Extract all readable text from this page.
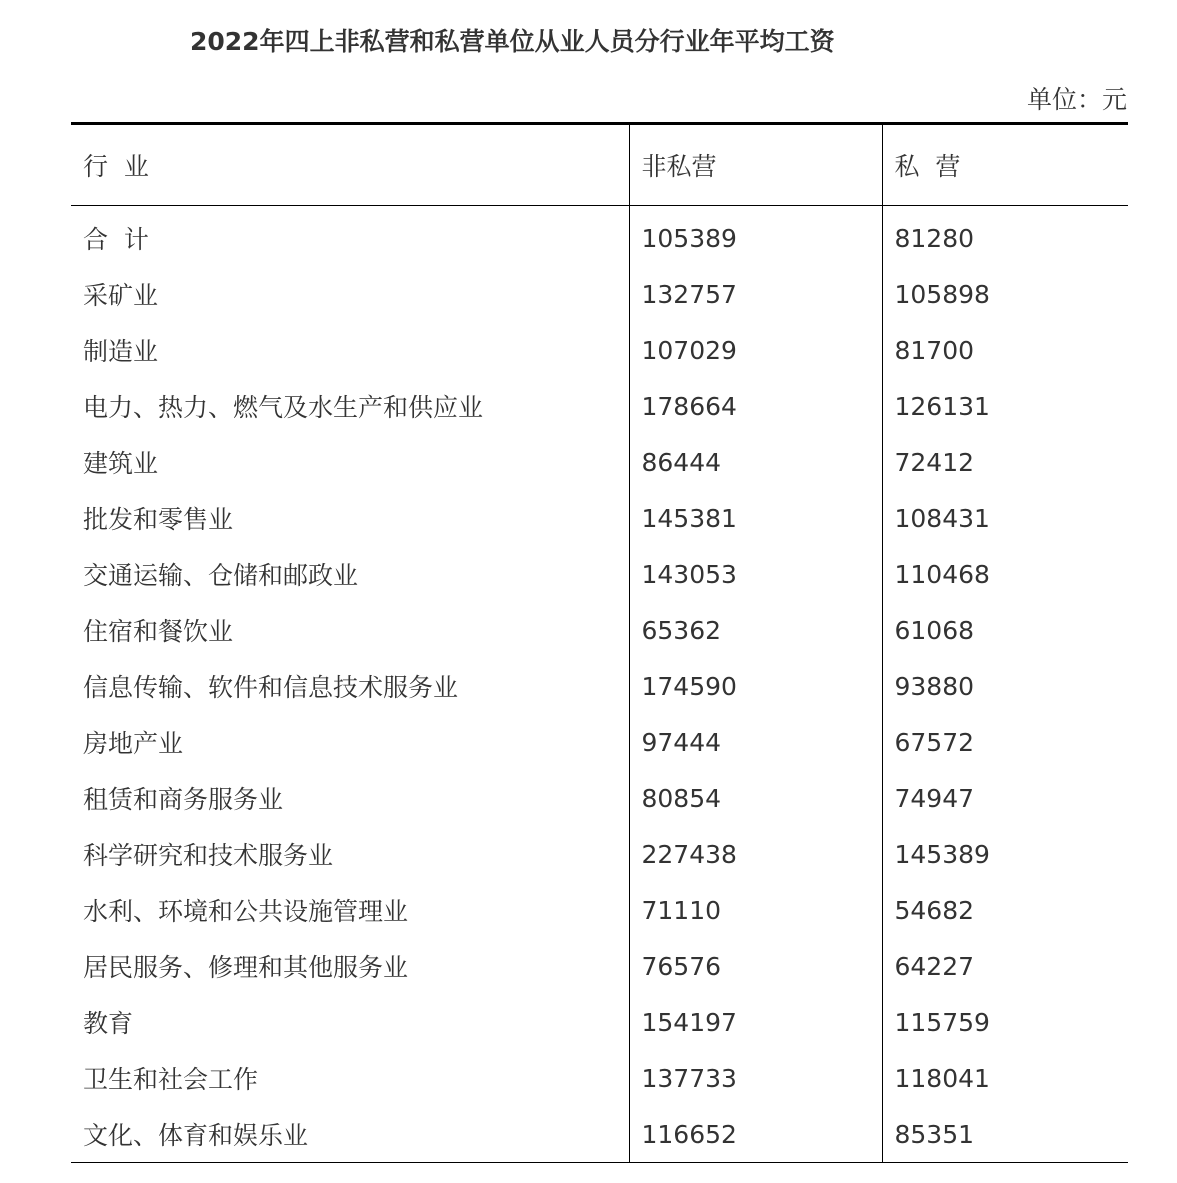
2022年四上非私营和私营单位从业人员分行业年平均工资
单位：元
行  业	非私营	私  营
合  计	105389	81280
采矿业	132757	105898
制造业	107029	81700
电力、热力、燃气及水生产和供应业	178664	126131
建筑业	86444	72412
批发和零售业	145381	108431
交通运输、仓储和邮政业	143053	110468
住宿和餐饮业	65362	61068
信息传输、软件和信息技术服务业	174590	93880
房地产业	97444	67572
租赁和商务服务业	80854	74947
科学研究和技术服务业	227438	145389
水利、环境和公共设施管理业	71110	54682
居民服务、修理和其他服务业	76576	64227
教育	154197	115759
卫生和社会工作	137733	118041
文化、体育和娱乐业	116652	85351
